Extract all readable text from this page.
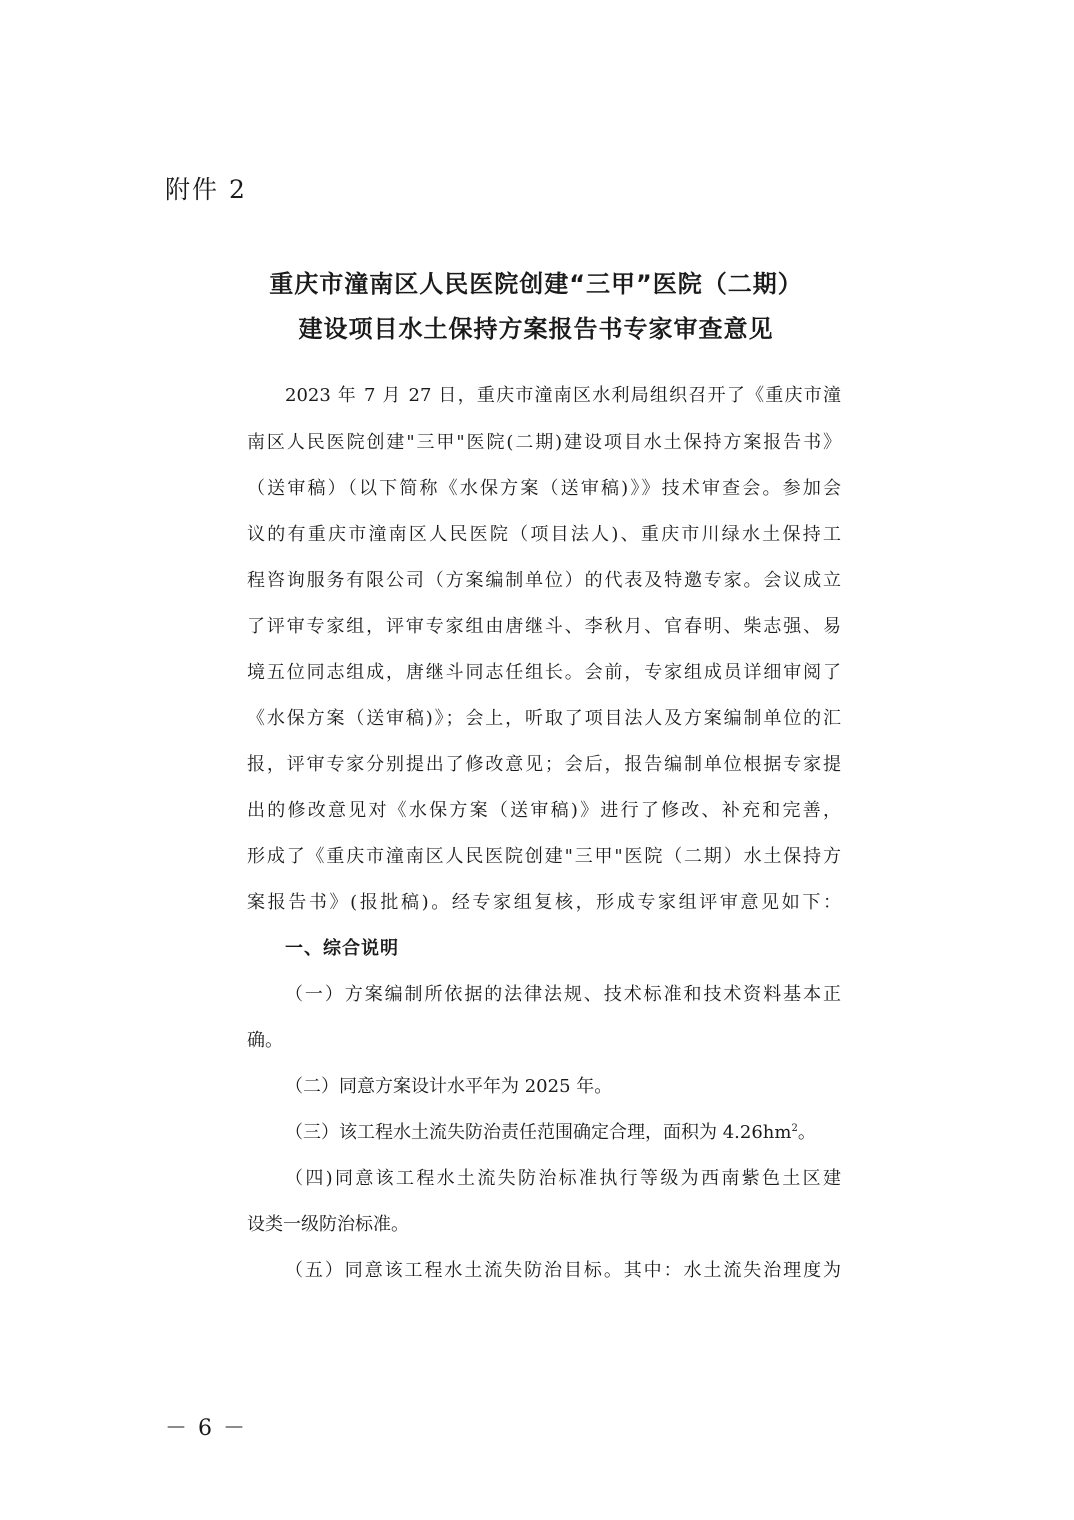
附件 2
重庆市潼南区人民医院创建“三甲”医院（二期）
建设项目水土保持方案报告书专家审查意见
2023 年 7 月 27 日，重庆市潼南区水利局组织召开了《重庆市潼
南区人民医院创建"三甲"医院(二期)建设项目水土保持方案报告书》
（送审稿）（以下简称《水保方案（送审稿)》》技术审查会。参加会
议的有重庆市潼南区人民医院（项目法人)、重庆市川绿水土保持工
程咨询服务有限公司（方案编制单位）的代表及特邀专家。会议成立
了评审专家组，评审专家组由唐继斗、李秋月、官春明、柴志强、易
境五位同志组成，唐继斗同志任组长。会前，专家组成员详细审阅了
《水保方案（送审稿)》；会上，听取了项目法人及方案编制单位的汇
报，评审专家分别提出了修改意见；会后，报告编制单位根据专家提
出的修改意见对《水保方案（送审稿)》进行了修改、补充和完善，
形成了《重庆市潼南区人民医院创建"三甲"医院（二期）水土保持方
案报告书》(报批稿)。经专家组复核，形成专家组评审意见如下：
一、综合说明
（一）方案编制所依据的法律法规、技术标准和技术资料基本正
确。
（二）同意方案设计水平年为 2025 年。
（三）该工程水土流失防治责任范围确定合理，面积为 $4.26hm^2$。
（四)同意该工程水土流失防治标准执行等级为西南紫色土区建
设类一级防治标准。
（五）同意该工程水土流失防治目标。其中：水土流失治理度为
－ 6 －
